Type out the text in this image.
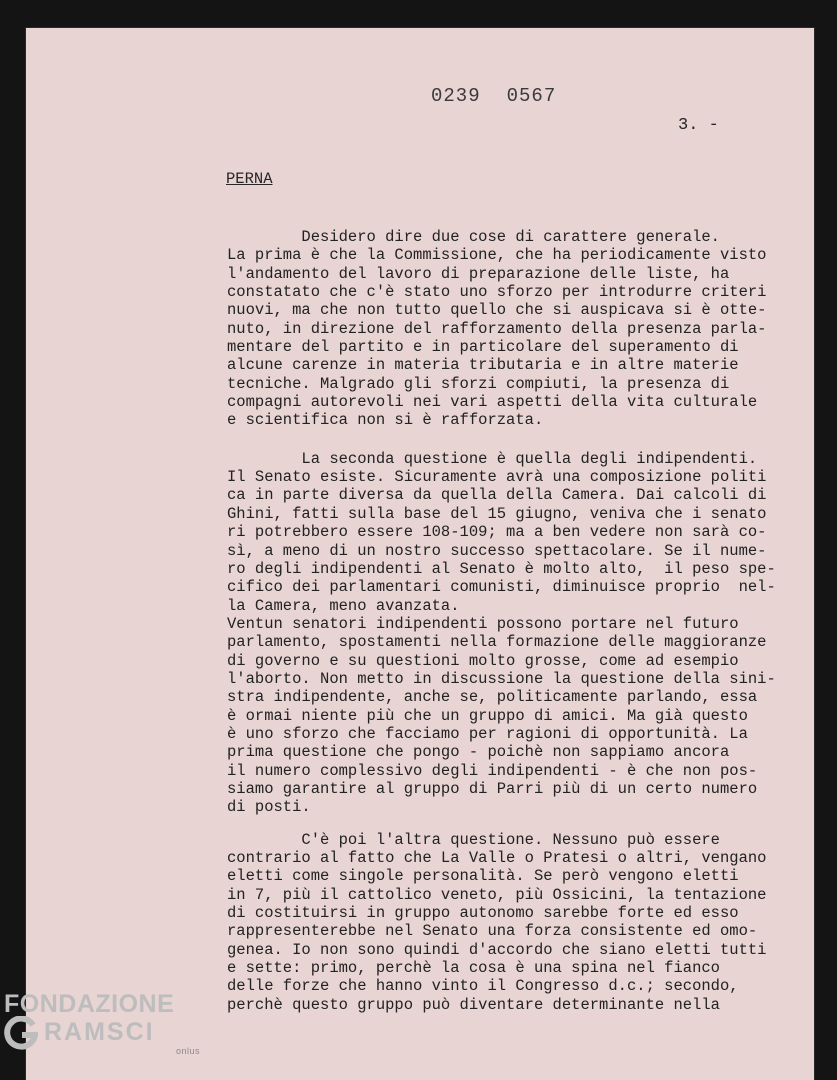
0239 0567
3. -
PERNA

Desidero dire due cose di carattere generale.
La prima è che la Commissione, che ha periodicamente visto
l'andamento del lavoro di preparazione delle liste, ha
constatato che c'è stato uno sforzo per introdurre criteri
nuovi, ma che non tutto quello che si auspicava si è otte-
nuto, in direzione del rafforzamento della presenza parla-
mentare del partito e in particolare del superamento di
alcune carenze in materia tributaria e in altre materie
tecniche. Malgrado gli sforzi compiuti, la presenza di
compagni autorevoli nei vari aspetti della vita culturale
e scientifica non si è rafforzata.

La seconda questione è quella degli indipendenti.
Il Senato esiste. Sicuramente avrà una composizione politi
ca in parte diversa da quella della Camera. Dai calcoli di
Ghini, fatti sulla base del 15 giugno, veniva che i senato
ri potrebbero essere 108-109; ma a ben vedere non sarà co-
sì, a meno di un nostro successo spettacolare. Se il nume-
ro degli indipendenti al Senato è molto alto,  il peso spe-
cifico dei parlamentari comunisti, diminuisce proprio  nel-
la Camera, meno avanzata.
Ventun senatori indipendenti possono portare nel futuro
parlamento, spostamenti nella formazione delle maggioranze
di governo e su questioni molto grosse, come ad esempio
l'aborto. Non metto in discussione la questione della sini-
stra indipendente, anche se, politicamente parlando, essa
è ormai niente più che un gruppo di amici. Ma già questo
è uno sforzo che facciamo per ragioni di opportunità. La
prima questione che pongo - poichè non sappiamo ancora
il numero complessivo degli indipendenti - è che non pos-
siamo garantire al gruppo di Parri più di un certo numero
di posti.

C'è poi l'altra questione. Nessuno può essere
contrario al fatto che La Valle o Pratesi o altri, vengano
eletti come singole personalità. Se però vengono eletti
in 7, più il cattolico veneto, più Ossicini, la tentazione
di costituirsi in gruppo autonomo sarebbe forte ed esso
rappresenterebbe nel Senato una forza consistente ed omo-
genea. Io non sono quindi d'accordo che siano eletti tutti
e sette: primo, perchè la cosa è una spina nel fianco
delle forze che hanno vinto il Congresso d.c.; secondo,
perchè questo gruppo può diventare determinante nella

FONDAZIONE
RAMSCI
onlus
